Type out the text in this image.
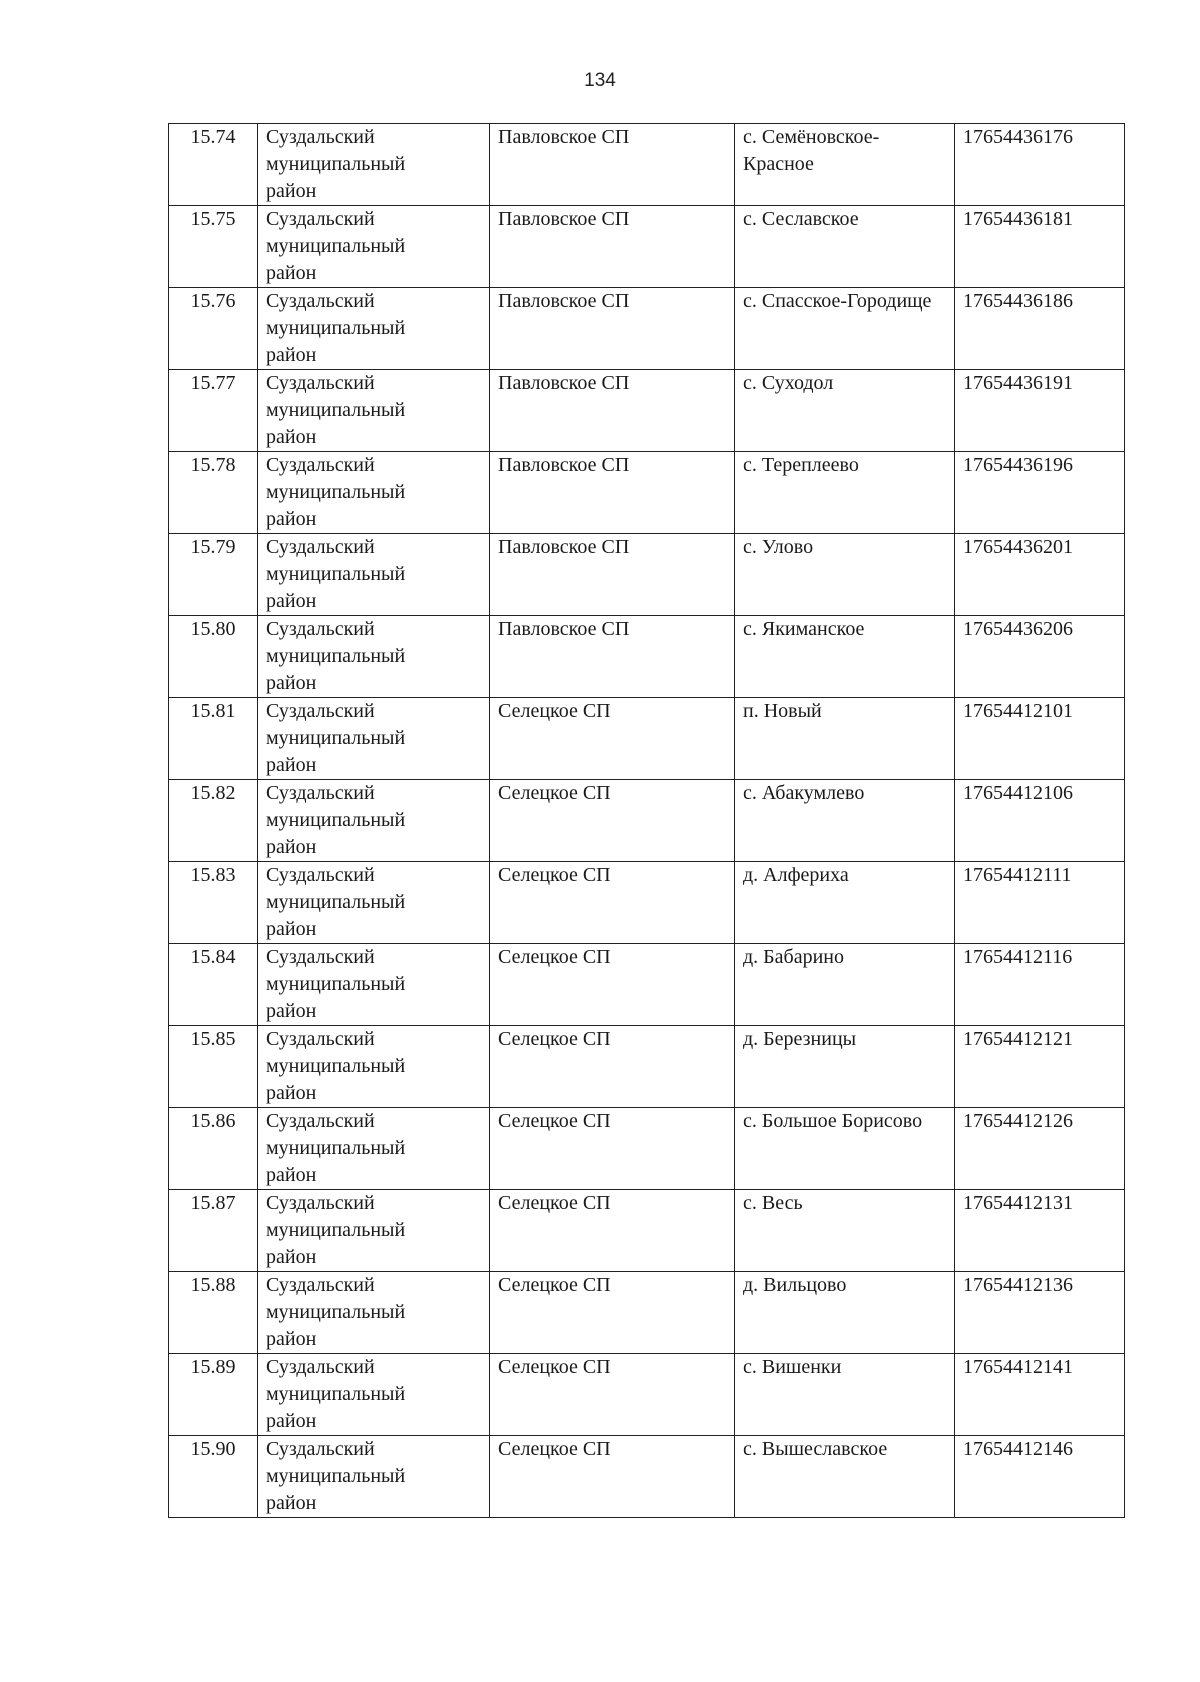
134
15.74	Суздальский муниципальный район	Павловское СП	с. Семёновское-Красное	17654436176
15.75	Суздальский муниципальный район	Павловское СП	с. Сеславское	17654436181
15.76	Суздальский муниципальный район	Павловское СП	с. Спасское-Городище	17654436186
15.77	Суздальский муниципальный район	Павловское СП	с. Суходол	17654436191
15.78	Суздальский муниципальный район	Павловское СП	с. Тереплеево	17654436196
15.79	Суздальский муниципальный район	Павловское СП	с. Улово	17654436201
15.80	Суздальский муниципальный район	Павловское СП	с. Якиманское	17654436206
15.81	Суздальский муниципальный район	Селецкое СП	п. Новый	17654412101
15.82	Суздальский муниципальный район	Селецкое СП	с. Абакумлево	17654412106
15.83	Суздальский муниципальный район	Селецкое СП	д. Алфериха	17654412111
15.84	Суздальский муниципальный район	Селецкое СП	д. Бабарино	17654412116
15.85	Суздальский муниципальный район	Селецкое СП	д. Березницы	17654412121
15.86	Суздальский муниципальный район	Селецкое СП	с. Большое Борисово	17654412126
15.87	Суздальский муниципальный район	Селецкое СП	с. Весь	17654412131
15.88	Суздальский муниципальный район	Селецкое СП	д. Вильцово	17654412136
15.89	Суздальский муниципальный район	Селецкое СП	с. Вишенки	17654412141
15.90	Суздальский муниципальный район	Селецкое СП	с. Вышеславское	17654412146
